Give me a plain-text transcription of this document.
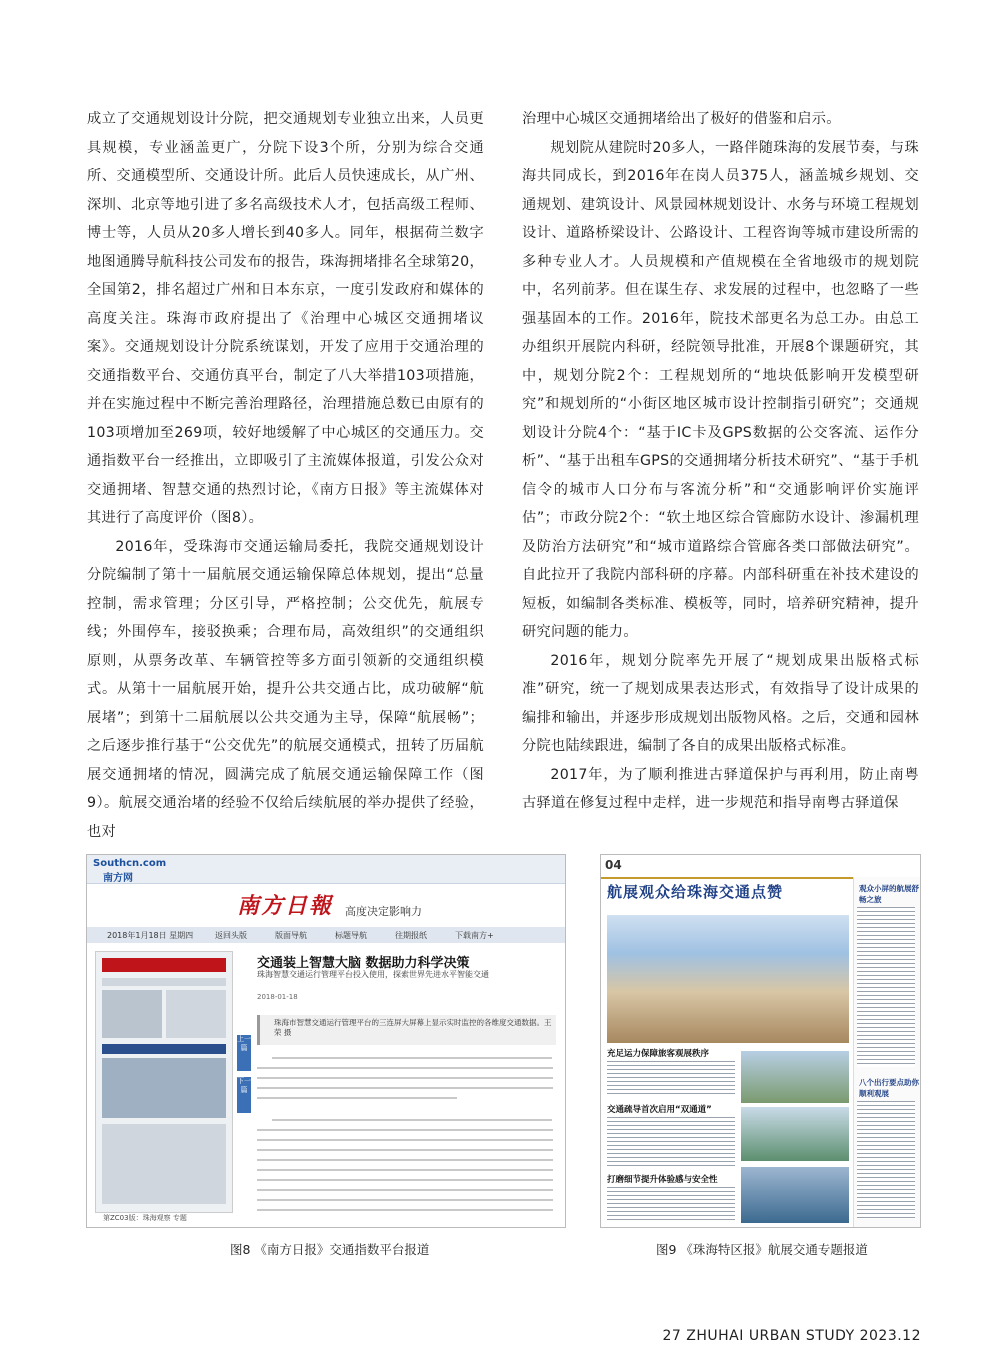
成立了交通规划设计分院，把交通规划专业独立出来，人员更具规模，专业涵盖更广，分院下设3个所，分别为综合交通所、交通模型所、交通设计所。此后人员快速成长，从广州、深圳、北京等地引进了多名高级技术人才，包括高级工程师、博士等，人员从20多人增长到40多人。同年，根据荷兰数字地图通腾导航科技公司发布的报告，珠海拥堵排名全球第20，全国第2，排名超过广州和日本东京，一度引发政府和媒体的高度关注。珠海市政府提出了《治理中心城区交通拥堵议案》。交通规划设计分院系统谋划，开发了应用于交通治理的交通指数平台、交通仿真平台，制定了八大举措103项措施，并在实施过程中不断完善治理路径，治理措施总数已由原有的103项增加至269项，较好地缓解了中心城区的交通压力。交通指数平台一经推出，立即吸引了主流媒体报道，引发公众对交通拥堵、智慧交通的热烈讨论，《南方日报》等主流媒体对其进行了高度评价（图8）。

2016年，受珠海市交通运输局委托，我院交通规划设计分院编制了第十一届航展交通运输保障总体规划，提出“总量控制，需求管理；分区引导，严格控制；公交优先，航展专线；外围停车，接驳换乘；合理布局，高效组织”的交通组织原则，从票务改革、车辆管控等多方面引领新的交通组织模式。从第十一届航展开始，提升公共交通占比，成功破解“航展堵”；到第十二届航展以公共交通为主导，保障“航展畅”；之后逐步推行基于“公交优先”的航展交通模式，扭转了历届航展交通拥堵的情况，圆满完成了航展交通运输保障工作（图9）。航展交通治堵的经验不仅给后续航展的举办提供了经验，也对

治理中心城区交通拥堵给出了极好的借鉴和启示。

规划院从建院时20多人，一路伴随珠海的发展节奏，与珠海共同成长，到2016年在岗人员375人，涵盖城乡规划、交通规划、建筑设计、风景园林规划设计、水务与环境工程规划设计、道路桥梁设计、公路设计、工程咨询等城市建设所需的多种专业人才。人员规模和产值规模在全省地级市的规划院中，名列前茅。但在谋生存、求发展的过程中，也忽略了一些强基固本的工作。2016年，院技术部更名为总工办。由总工办组织开展院内科研，经院领导批准，开展8个课题研究，其中，规划分院2个：工程规划所的“地块低影响开发模型研究”和规划所的“小街区地区城市设计控制指引研究”；交通规划设计分院4个：“基于IC卡及GPS数据的公交客流、运作分析”、“基于出租车GPS的交通拥堵分析技术研究”、“基于手机信令的城市人口分布与客流分析”和“交通影响评价实施评估”；市政分院2个：“软土地区综合管廊防水设计、渗漏机理及防治方法研究”和“城市道路综合管廊各类口部做法研究”。自此拉开了我院内部科研的序幕。内部科研重在补技术建设的短板，如编制各类标准、模板等，同时，培养研究精神，提升研究问题的能力。

2016年，规划分院率先开展了“规划成果出版格式标准”研究，统一了规划成果表达形式，有效指导了设计成果的编排和输出，并逐步形成规划出版物风格。之后，交通和园林分院也陆续跟进，编制了各自的成果出版格式标准。

2017年，为了顺利推进古驿道保护与再利用，防止南粤古驿道在修复过程中走样，进一步规范和指导南粤古驿道保

Southcn.com
南方网
南方日報 高度决定影响力
2018年1月18日 星期四	返回头版	版面导航	标题导航	往期报纸	下载南方+
第ZC03版：珠海观察 专题
上一篇
下一篇
交通装上智慧大脑 数据助力科学决策
珠海智慧交通运行管理平台投入使用，探索世界先进水平智能交通
2018-01-18
珠海市智慧交通运行管理平台的三连屏大屏幕上显示实时监控的各维度交通数据。王荣 摄
图8 《南方日报》交通指数平台报道
04
航展观众给珠海交通点赞
充足运力保障旅客观展秩序
交通疏导首次启用“双通道”
打磨细节提升体验感与安全性
观众小屏的航展舒畅之旅
八个出行要点助你顺利观展
图9 《珠海特区报》航展交通专题报道
27 ZHUHAI URBAN STUDY 2023.12
